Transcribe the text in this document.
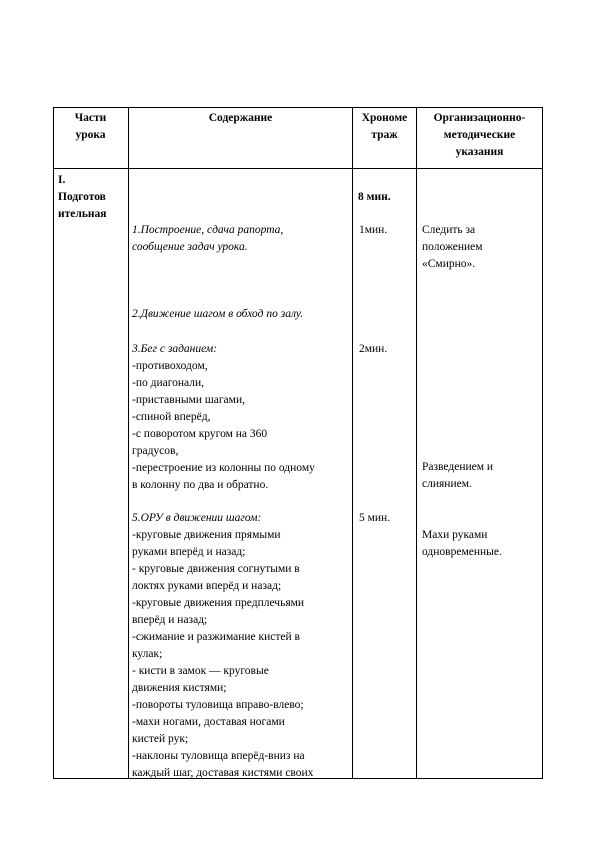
Части
урока
Содержание	Хрономе
траж
Организационно-
методические
указания
I.
Подготов
ительная
8 мин.
1.Построение, сдача рапорта,
сообщение задач урока.
1мин.	Следить за
положением
«Смирно».
2.Движение шагом в обход по залу.
3.Бег с заданием:
-противоходом,
-по диагонали,
-приставными шагами,
-спиной вперёд,
-с поворотом кругом на 360
градусов,
-перестроение из колонны по одному
в колонну по два и обратно.
2мин.
Разведением и
слиянием.
5.ОРУ в движении шагом:
-круговые движения прямыми
руками вперёд и назад;
- круговые движения согнутыми в
локтях руками вперёд и назад;
-круговые движения предплечьями
вперёд и назад;
-сжимание и разжимание кистей в
кулак;
- кисти в замок — круговые
движения кистями;
-повороты туловища вправо-влево;
-махи ногами, доставая ногами
кистей рук;
-наклоны туловища вперёд-вниз на
каждый шаг, доставая кистями своих
5 мин.
Махи руками
одновременные.
